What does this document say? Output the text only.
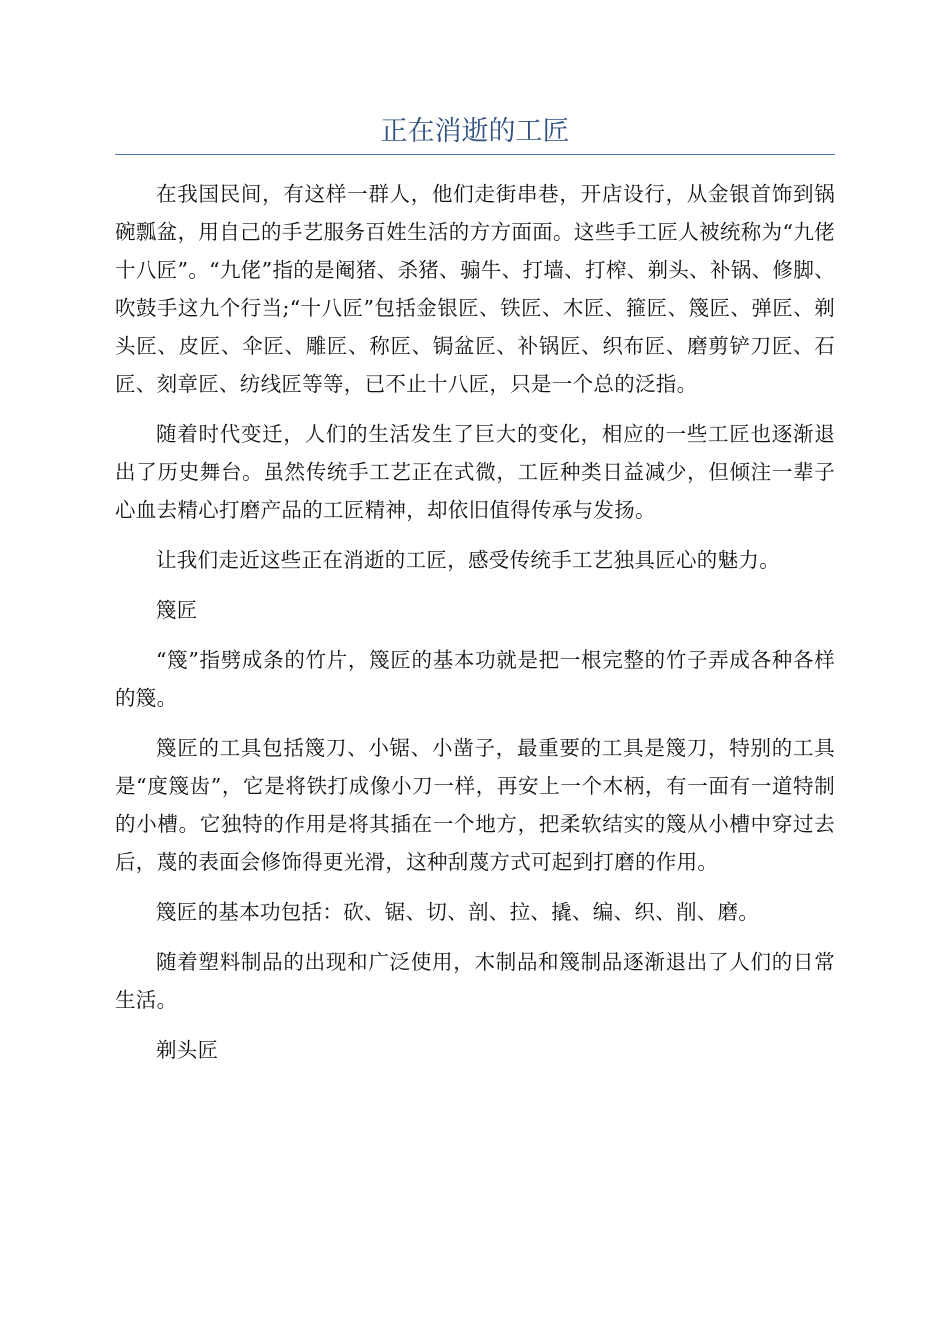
正在消逝的工匠

在我国民间，有这样一群人，他们走街串巷，开店设行，从金银首饰到锅碗瓢盆，用自己的手艺服务百姓生活的方方面面。这些手工匠人被统称为“九佬十八匠”。“九佬”指的是阉猪、杀猪、骟牛、打墙、打榨、剃头、补锅、修脚、吹鼓手这九个行当;“十八匠”包括金银匠、铁匠、木匠、箍匠、篾匠、弹匠、剃头匠、皮匠、伞匠、雕匠、称匠、锔盆匠、补锅匠、织布匠、磨剪铲刀匠、石匠、刻章匠、纺线匠等等，已不止十八匠，只是一个总的泛指。

随着时代变迁，人们的生活发生了巨大的变化，相应的一些工匠也逐渐退出了历史舞台。虽然传统手工艺正在式微，工匠种类日益减少，但倾注一辈子心血去精心打磨产品的工匠精神，却依旧值得传承与发扬。

让我们走近这些正在消逝的工匠，感受传统手工艺独具匠心的魅力。

篾匠

“篾”指劈成条的竹片，篾匠的基本功就是把一根完整的竹子弄成各种各样的篾。

篾匠的工具包括篾刀、小锯、小凿子，最重要的工具是篾刀，特别的工具是“度篾齿”，它是将铁打成像小刀一样，再安上一个木柄，有一面有一道特制的小槽。它独特的作用是将其插在一个地方，把柔软结实的篾从小槽中穿过去后，蔑的表面会修饰得更光滑，这种刮蔑方式可起到打磨的作用。

篾匠的基本功包括：砍、锯、切、剖、拉、撬、编、织、削、磨。

随着塑料制品的出现和广泛使用，木制品和篾制品逐渐退出了人们的日常生活。

剃头匠
